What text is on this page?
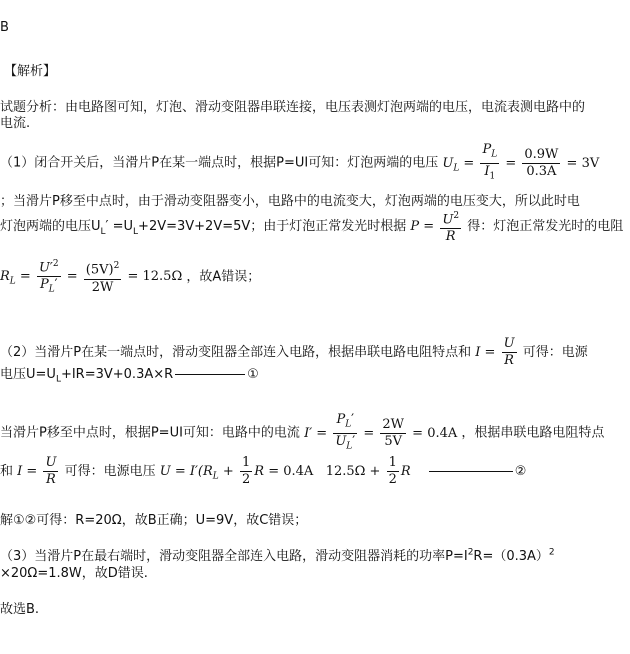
B
【解析】
试题分析：由电路图可知，灯泡、滑动变阻器串联连接，电压表测灯泡两端的电压，电流表测电路中的
电流.
（1）闭合开关后，当滑片P在某一端点时，根据P=UI可知：灯泡两端的电压 $U_L = \frac{P_L}{I_1} = \frac{0.9W}{0.3A} = 3V$
；当滑片P移至中点时，由于滑动变阻器变小，电路中的电流变大，灯泡两端的电压变大，所以此时电
灯泡两端的电压$U_L' =U_L+2V=3V+2V=5V$；由于灯泡正常发光时根据 $P = \frac{U^2}{R}$ 得：灯泡正常发光时的电阻
$R_L = \frac{U'^2}{P_L'} = \frac{(5V)^2}{2W} = 12.5\Omega$ ，故A错误；
（2）当滑片P在某一端点时，滑动变阻器全部连入电路，根据串联电路电阻特点和 $I = \frac{U}{R}$ 可得：电源
电压$U=U_L+IR=3V+0.3A\times R$	①
当滑片P移至中点时，根据P=UI可知：电路中的电流 $I' = \frac{P_L'}{U_L'} = \frac{2W}{5V} = 0.4A$ ，根据串联电路电阻特点
和 $I = \frac{U}{R}$ 可得：电源电压 $U = I'(R_L + \frac{1}{2}$ R = 0.4A $12.5\Omega + \frac{1}{2}$ R	②
解①②可得：R=20Ω，故B正确；U=9V，故C错误；
（3）当滑片P在最右端时，滑动变阻器全部连入电路，滑动变阻器消耗的功率$P=I^2R=(0.3A)^2$
×20Ω=1.8W，故D错误.
故选B.
